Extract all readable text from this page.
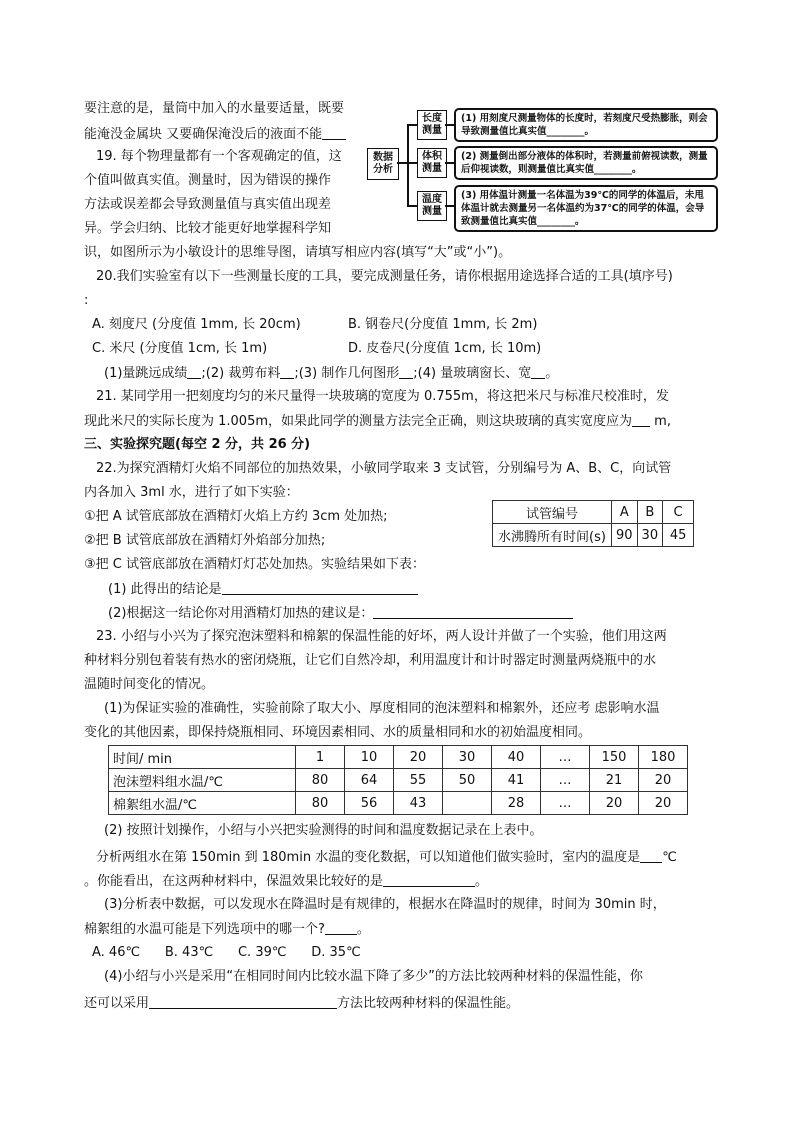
要注意的是，量筒中加入的水量要适量，既要
能淹没金属块 又要确保淹没后的液面不能
19. 每个物理量都有一个客观确定的值，这
个值叫做真实值。测量时，因为错误的操作
方法或误差都会导致测量值与真实值出现差
异。学会归纳、比较才能更好地掌握科学知
识，如图所示为小敏设计的思维导图，请填写相应内容(填写“大”或“小”)。
数据
分析
长度
测量
体积
测量
温度
测量
(1) 用刻度尺测量物体的长度时，若刻度尺受热膨胀，则会导致测量值比真实值________。
(2) 测量倒出部分液体的体积时，若测量前俯视读数，测量后仰视读数，则测量值比真实值________。
(3) 用体温计测量一名体温为39℃的同学的体温后，未甩体温计就去测量另一名体温约为37℃的同学的体温，会导致测量值比真实值________。
20.我们实验室有以下一些测量长度的工具，要完成测量任务，请你根据用途选择合适的工具(填序号)
:
A. 刻度尺 (分度值 1mm, 长 20cm)	B. 钢卷尺(分度值 1mm, 长 2m)
C. 米尺 (分度值 1cm, 长 1m)	D. 皮卷尺(分度值 1cm, 长 10m)
(1)量跳远成绩 ;(2) 裁剪布料 ;(3) 制作几何图形 ;(4) 量玻璃窗长、宽 。
21. 某同学用一把刻度均匀的米尺量得一块玻璃的宽度为 0.755m，将这把米尺与标准尺校准时，发
现此米尺的实际长度为 1.005m，如果此同学的测量方法完全正确，则这块玻璃的真实宽度应为 m,
三、实验探究题(每空 2 分，共 26 分)
22.为探究酒精灯火焰不同部位的加热效果，小敏同学取来 3 支试管，分别编号为 A、B、C，向试管
内各加入 3ml 水，进行了如下实验：
①把 A 试管底部放在酒精灯火焰上方约 3cm 处加热;
②把 B 试管底部放在酒精灯外焰部分加热;
③把 C 试管底部放在酒精灯灯芯处加热。实验结果如下表：
试管编号	A	B	C
水沸腾所有时间(s)	90	30	45
(1) 此得出的结论是
(2)根据这一结论你对用酒精灯加热的建议是：
23. 小绍与小兴为了探究泡沫塑料和棉絮的保温性能的好坏，两人设计并做了一个实验，他们用这两
种材料分别包着装有热水的密闭烧瓶，让它们自然冷却，利用温度计和计时器定时测量两烧瓶中的水
温随时间变化的情况。
(1)为保证实验的准确性，实验前除了取大小、厚度相同的泡沫塑料和棉絮外，还应考 虑影响水温
变化的其他因素，即保持烧瓶相同、环境因素相同、水的质量相同和水的初始温度相同。
时间/ min	1	10	20	30	40	…	150	180
泡沫塑料组水温/℃	80	64	55	50	41	…	21	20
棉絮组水温/℃	80	56	43		28	…	20	20
(2) 按照计划操作，小绍与小兴把实验测得的时间和温度数据记录在上表中。
分析两组水在第 150min 到 180min 水温的变化数据，可以知道他们做实验时，室内的温度是 ℃
。你能看出，在这两种材料中，保温效果比较好的是	。
(3)分析表中数据，可以发现水在降温时是有规律的，根据水在降温时的规律，时间为 30min 时，
棉絮组的水温可能是下列选项中的哪一个? 。
A. 46℃      B. 43℃      C. 39℃      D. 35℃
(4)小绍与小兴是采用“在相同时间内比较水温下降了多少”的方法比较两种材料的保温性能，你
还可以采用	方法比较两种材料的保温性能。
